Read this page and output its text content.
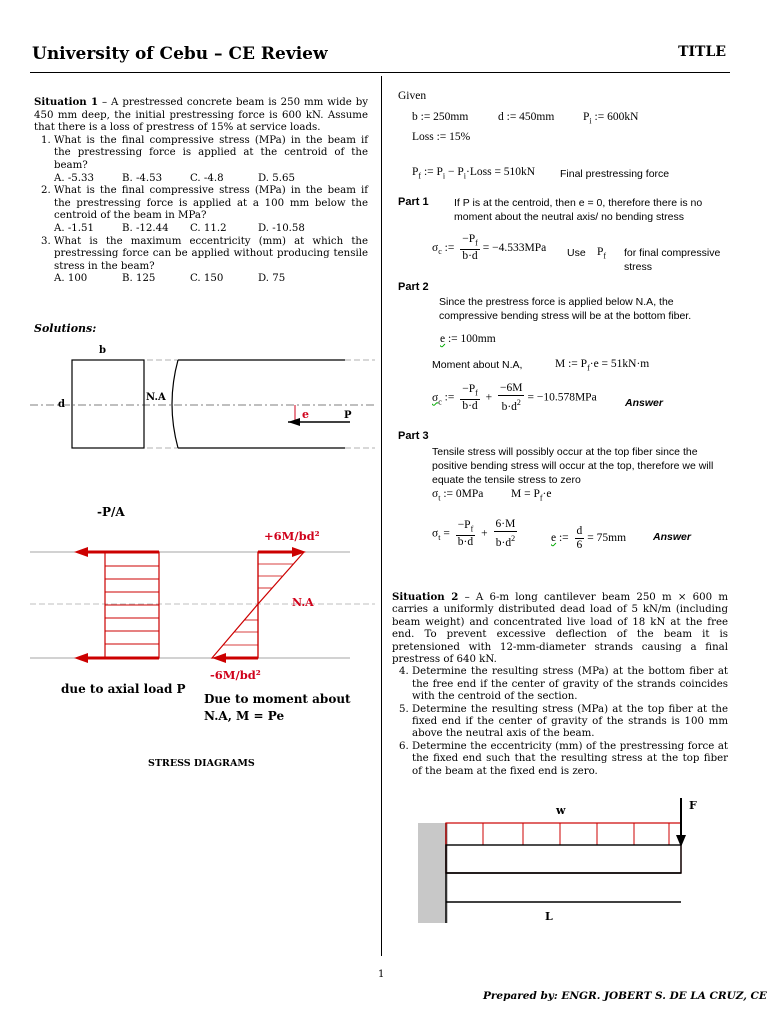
University of Cebu – CE Review	TITLE

Situation 1 – A prestressed concrete beam is 250 mm wide by 450 mm deep, the initial prestressing force is 600 kN. Assume that there is a loss of prestress of 15% at service loads.

1. What is the final compressive stress (MPa) in the beam if the prestressing force is applied at the centroid of the beam?
A. -5.33	B. -4.53	C. -4.8	D. 5.65
2. What is the final compressive stress (MPa) in the beam if the prestressing force is applied at a 100 mm below the centroid of the beam in MPa?
A. -1.51	B. -12.44	C. 11.2	D. -10.58
3. What is the maximum eccentricity (mm) at which the prestressing force can be applied without producing tensile stress in the beam?
A. 100	B. 125	C. 150	D. 75
Solutions:
b
d
N.A
e	P
-P/A
+6M/bd²
N.A
-6M/bd²
due to axial load P
Due to moment about
N.A, M = Pe
STRESS DIAGRAMS
Given
b := 250mm	d := 450mm $P_i$ := 600kN
Loss := 15%
$P_f$ := $P_i$ − $P_i\cdot Loss = 510kN$ Final prestressing force
Part 1 If P is at the centroid, then e = 0, therefore there is no moment about the neutral axis/ no bending stress
$\sigma_c$ := $\frac{-P_f}{b\cdot d} = -4.533MPa$ Use $P_f$ for final compressive stress
Part 2
Since the prestress force is applied below N.A, the compressive bending stress will be at the bottom fiber.
e := 100mm
Moment about N.A,	M := $P_f\cdot e = 51kN\cdot m$
$\sigma_c$ := $\frac{-P_f}{b\cdot d} + \frac{-6M}{b\cdot d^2} = -10.578MPa$	Answer
Part 3
Tensile stress will possibly occur at the top fiber since the positive bending stress will occur at the top, therefore we will equate the tensile stress to zero
$\sigma_t$ := 0MPa $M = P_f\cdot e$
$\sigma_t = \frac{-P_f}{b\cdot d} + \frac{6\cdot M}{b\cdot d^2}$	e := $\frac{d}{6} = 75mm$	Answer

Situation 2 – A 6-m long cantilever beam 250 m × 600 m carries a uniformly distributed dead load of 5 kN/m (including beam weight) and concentrated live load of 18 kN at the free end. To prevent excessive deflection of the beam it is pretensioned with 12-mm-diameter strands causing a final prestress of 640 kN.

4. Determine the resulting stress (MPa) at the bottom fiber at the free end if the center of gravity of the strands coincides with the centroid of the section.
5. Determine the resulting stress (MPa) at the top fiber at the fixed end if the center of gravity of the strands is 100 mm above the neutral axis of the beam.
6. Determine the eccentricity (mm) of the prestressing force at the fixed end such that the resulting stress at the top fiber of the beam at the fixed end is zero.
w	F
L
1
Prepared by: ENGR. JOBERT S. DE LA CRUZ, CE
